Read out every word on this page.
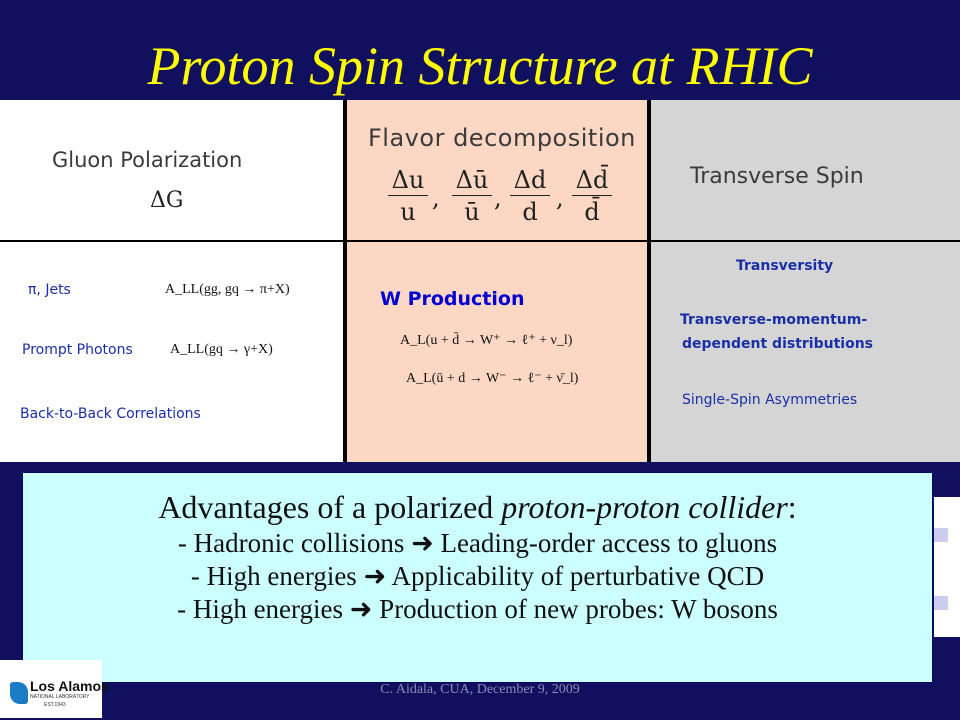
Proton Spin Structure at RHIC
Gluon Polarization
ΔG
Flavor decomposition
Δu
u ,
Δū
ū ,
Δd
d ,
Δd̄
d̄
Transverse Spin
π, Jets	A_LL(gg, gq → π+X)
Prompt Photons	A_LL(gq → γ+X)
Back-to-Back Correlations
W Production
A_L(u + d̄ → W⁺ → ℓ⁺ + ν_l)
A_L(ū + d → W⁻ → ℓ⁻ + ν̄_l)
Transversity
Transverse-momentum-
dependent distributions
Single-Spin Asymmetries
Advantages of a polarized proton-proton collider:
- Hadronic collisions ➜ Leading-order access to gluons
- High energies ➜ Applicability of perturbative QCD
- High energies ➜ Production of new probes: W bosons
Los Alamos
NATIONAL LABORATORY
EST.1943
C. Aidala, CUA, December 9, 2009
